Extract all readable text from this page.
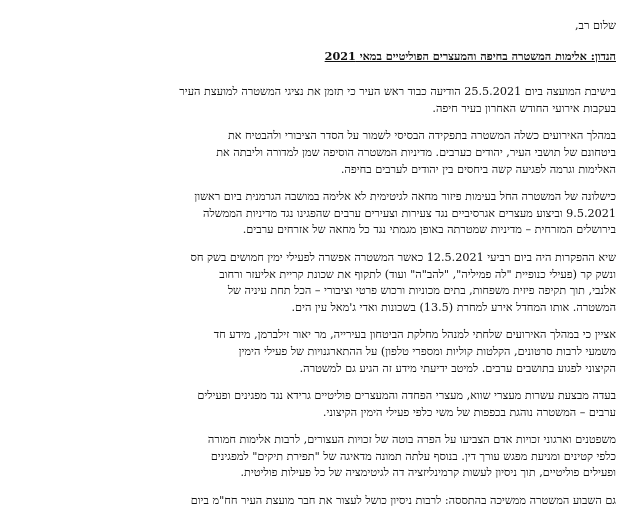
שלום רב,

הנדון: אלימות המשטרה בחיפה והמעצרים הפוליטיים במאי 2021

בישיבת המועצה ביום 25.5.2021 הודיעה כבוד ראש העיר כי תזמן את נציגי המשטרה למועצת העיר
בעקבות אירועי החודש האחרון בעיר חיפה.

במהלך האירועים כשלה המשטרה בתפקידה הבסיסי לשמור על הסדר הציבורי ולהבטיח את
ביטחונם של תושבי העיר, יהודים כערבים. מדיניות המשטרה הוסיפה שמן למדורה וליבתה את
האלימות וגרמה לפגיעה קשה ביחסים בין יהודים לערבים בחיפה.

כישלונה של המשטרה החל בעימות פיזור מחאה לגיטימית לא אלימה במושבה הגרמנית ביום ראשון
9.5.2021 וביצוע מעצרים אגרסיביים נגד צעירות וצעירים ערבים שהפגינו נגד מדיניות הממשלה
בירושלים המזרחית – מדיניות שמטרתה באופן מגמתי נגד כל מחאה של אזרחים ערבים.

שיא ההפקרות היה ביום רביעי 12.5.2021 כאשר המשטרה אפשרה לפעילי ימין חמושים בשק חס
ונשק קר (פעילי כנופיית "לה פמיליה", "להב"ה" ועוד) לתקוף את שכונת קריית אליעזר ורחוב
אלנבי, תוך תקיפה פיזית משפחות, בתים מכוניות ורכוש פרטי וציבורי – הכל תחת עיניה של
המשטרה. אותו המחדל אירע למחרת (13.5) בשכונות ואדי ג'מאל עין הים.

אציין כי במהלך האירועים שלחתי למנהל מחלקת הביטחון בעירייה, מר יאור זילברמן, מידע חד
משמעי לרבות סרטונים, הקלטות קוליות ומספרי טלפון) על ההתארגנויות של פעילי הימין
הקיצוני לפגוע בתושבים ערבים. למיטב ידיעתי מידע זה הגיע גם למשטרה.

בעדה מבצעת עשרות מעצרי שווא, מעצרי הפחדה והמעצרים פוליטיים גרידא נגד מפגינים ופעילים
ערבים – המשטרה נוהגת בכפפות של משי כלפי פעילי הימין הקיצוני.

משפטנים וארגוני זכויות אדם הצביעו על הפרה בוטה של זכויות העצורים, לרבות אלימות חמורה
כלפי קטינים ומניעת מפגש עורך דין. בנוסף עלתה תמונה מדאיגה של "תפירת תיקים" למפגינים
ופעילים פוליטיים, תוך ניסיון לעשות קרמינליזציה דה לגיטימציה של כל פעילות פוליטית.

גם השבוע המשטרה ממשיכה בהתססה: לרבות ניסיון כושל לעצור את חבר מועצת העיר חח"מ ביום
